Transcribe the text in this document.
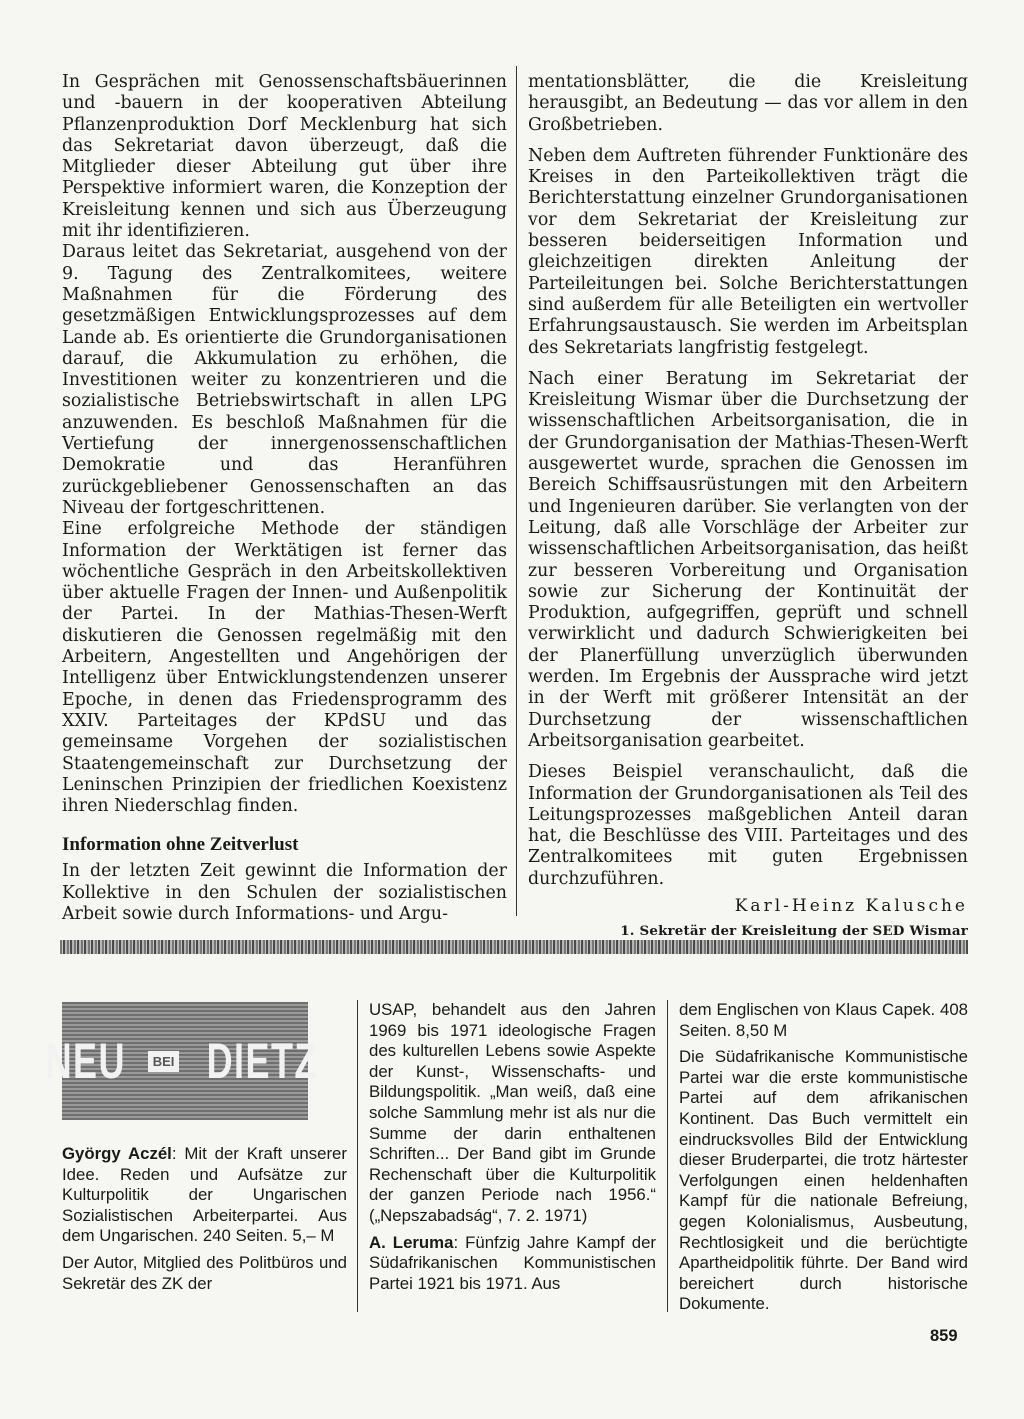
In Gesprächen mit Genossenschaftsbäuerinnen und -bauern in der kooperativen Abteilung Pflanzenproduktion Dorf Mecklenburg hat sich das Sekretariat davon überzeugt, daß die Mitglieder dieser Abteilung gut über ihre Perspektive informiert waren, die Konzeption der Kreisleitung kennen und sich aus Überzeugung mit ihr identifizieren.

Daraus leitet das Sekretariat, ausgehend von der 9. Tagung des Zentralkomitees, weitere Maßnahmen für die Förderung des gesetzmäßigen Entwicklungsprozesses auf dem Lande ab. Es orientierte die Grundorganisationen darauf, die Akkumulation zu erhöhen, die Investitionen weiter zu konzentrieren und die sozialistische Betriebswirtschaft in allen LPG anzuwenden. Es beschloß Maßnahmen für die Vertiefung der innergenossenschaftlichen Demokratie und das Heranführen zurückgebliebener Genossenschaften an das Niveau der fortgeschrittenen.

Eine erfolgreiche Methode der ständigen Information der Werktätigen ist ferner das wöchentliche Gespräch in den Arbeitskollektiven über aktuelle Fragen der Innen- und Außenpolitik der Partei. In der Mathias-Thesen-Werft diskutieren die Genossen regelmäßig mit den Arbeitern, Angestellten und Angehörigen der Intelligenz über Entwicklungstendenzen unserer Epoche, in denen das Friedensprogramm des XXIV. Parteitages der KPdSU und das gemeinsame Vorgehen der sozialistischen Staatengemeinschaft zur Durchsetzung der Leninschen Prinzipien der friedlichen Koexistenz ihren Niederschlag finden.

Information ohne Zeitverlust

In der letzten Zeit gewinnt die Information der Kollektive in den Schulen der sozialistischen Arbeit sowie durch Informations- und Argu-

mentationsblätter, die die Kreisleitung herausgibt, an Bedeutung — das vor allem in den Großbetrieben.

Neben dem Auftreten führender Funktionäre des Kreises in den Parteikollektiven trägt die Berichterstattung einzelner Grundorganisationen vor dem Sekretariat der Kreisleitung zur besseren beiderseitigen Information und gleichzeitigen direkten Anleitung der Parteileitungen bei. Solche Berichterstattungen sind außerdem für alle Beteiligten ein wertvoller Erfahrungsaustausch. Sie werden im Arbeitsplan des Sekretariats langfristig festgelegt.

Nach einer Beratung im Sekretariat der Kreisleitung Wismar über die Durchsetzung der wissenschaftlichen Arbeitsorganisation, die in der Grundorganisation der Mathias-Thesen-Werft ausgewertet wurde, sprachen die Genossen im Bereich Schiffsausrüstungen mit den Arbeitern und Ingenieuren darüber. Sie verlangten von der Leitung, daß alle Vorschläge der Arbeiter zur wissenschaftlichen Arbeitsorganisation, das heißt zur besseren Vorbereitung und Organisation sowie zur Sicherung der Kontinuität der Produktion, aufgegriffen, geprüft und schnell verwirklicht und dadurch Schwierigkeiten bei der Planerfüllung unverzüglich überwunden werden. Im Ergebnis der Aussprache wird jetzt in der Werft mit größerer Intensität an der Durchsetzung der wissenschaftlichen Arbeitsorganisation gearbeitet.

Dieses Beispiel veranschaulicht, daß die Information der Grundorganisationen als Teil des Leitungsprozesses maßgeblichen Anteil daran hat, die Beschlüsse des VIII. Parteitages und des Zentralkomitees mit guten Ergebnissen durchzuführen.

Karl-Heinz Kalusche
1. Sekretär der Kreisleitung der SED Wismar
NEU	BEI DIETZ

György Aczél: Mit der Kraft unserer Idee. Reden und Aufsätze zur Kulturpolitik der Ungarischen Sozialistischen Arbeiterpartei. Aus dem Ungarischen. 240 Seiten. 5,– M

Der Autor, Mitglied des Politbüros und Sekretär des ZK der

USAP, behandelt aus den Jahren 1969 bis 1971 ideologische Fragen des kulturellen Lebens sowie Aspekte der Kunst-, Wissenschafts- und Bildungspolitik. „Man weiß, daß eine solche Sammlung mehr ist als nur die Summe der darin enthaltenen Schriften... Der Band gibt im Grunde Rechenschaft über die Kulturpolitik der ganzen Periode nach 1956.“ („Nepszabadság“, 7. 2. 1971)

A. Leruma: Fünfzig Jahre Kampf der Südafrikanischen Kommunistischen Partei 1921 bis 1971. Aus

dem Englischen von Klaus Capek. 408 Seiten. 8,50 M

Die Südafrikanische Kommunistische Partei war die erste kommunistische Partei auf dem afrikanischen Kontinent. Das Buch vermittelt ein eindrucksvolles Bild der Entwicklung dieser Bruderpartei, die trotz härtester Verfolgungen einen heldenhaften Kampf für die nationale Befreiung, gegen Kolonialismus, Ausbeutung, Rechtlosigkeit und die berüchtigte Apartheidpolitik führte. Der Band wird bereichert durch historische Dokumente.

859
